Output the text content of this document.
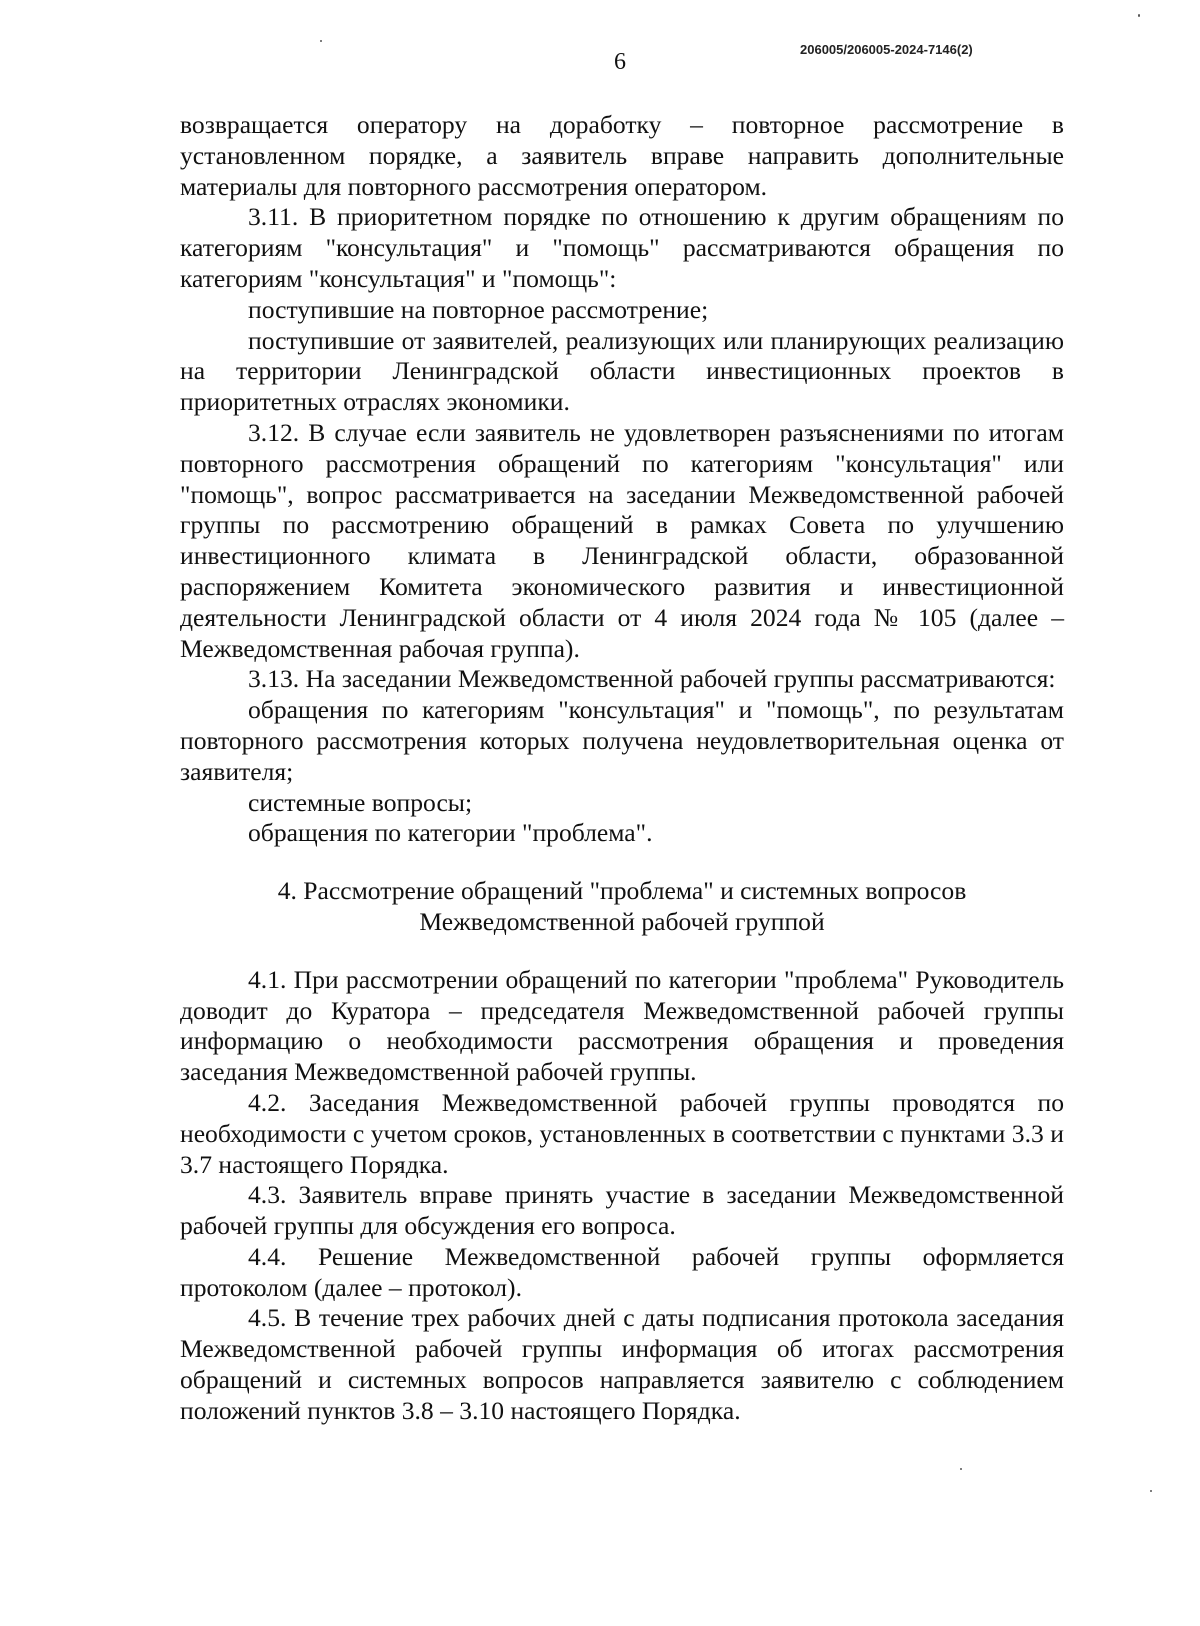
6	206005/206005-2024-7146(2)

возвращается оператору на доработку – повторное рассмотрение в установленном порядке, а заявитель вправе направить дополнительные материалы для повторного рассмотрения оператором.

3.11. В приоритетном порядке по отношению к другим обращениям по категориям "консультация" и "помощь" рассматриваются обращения по категориям "консультация" и "помощь":

поступившие на повторное рассмотрение;

поступившие от заявителей, реализующих или планирующих реализацию на территории Ленинградской области инвестиционных проектов в приоритетных отраслях экономики.

3.12. В случае если заявитель не удовлетворен разъяснениями по итогам повторного рассмотрения обращений по категориям "консультация" или "помощь", вопрос рассматривается на заседании Межведомственной рабочей группы по рассмотрению обращений в рамках Совета по улучшению инвестиционного климата в Ленинградской области, образованной распоряжением Комитета экономического развития и инвестиционной деятельности Ленинградской области от 4 июля 2024 года № 105 (далее – Межведомственная рабочая группа).

3.13. На заседании Межведомственной рабочей группы рассматриваются:

обращения по категориям "консультация" и "помощь", по результатам повторного рассмотрения которых получена неудовлетворительная оценка от заявителя;

системные вопросы;

обращения по категории "проблема".

4. Рассмотрение обращений "проблема" и системных вопросов
Межведомственной рабочей группой

4.1. При рассмотрении обращений по категории "проблема" Руководитель доводит до Куратора – председателя Межведомственной рабочей группы информацию о необходимости рассмотрения обращения и проведения заседания Межведомственной рабочей группы.

4.2. Заседания Межведомственной рабочей группы проводятся по необходимости с учетом сроков, установленных в соответствии с пунктами 3.3 и 3.7 настоящего Порядка.

4.3. Заявитель вправе принять участие в заседании Межведомственной рабочей группы для обсуждения его вопроса.

4.4. Решение Межведомственной рабочей группы оформляется протоколом (далее – протокол).

4.5. В течение трех рабочих дней с даты подписания протокола заседания Межведомственной рабочей группы информация об итогах рассмотрения обращений и системных вопросов направляется заявителю с соблюдением положений пунктов 3.8 – 3.10 настоящего Порядка.
